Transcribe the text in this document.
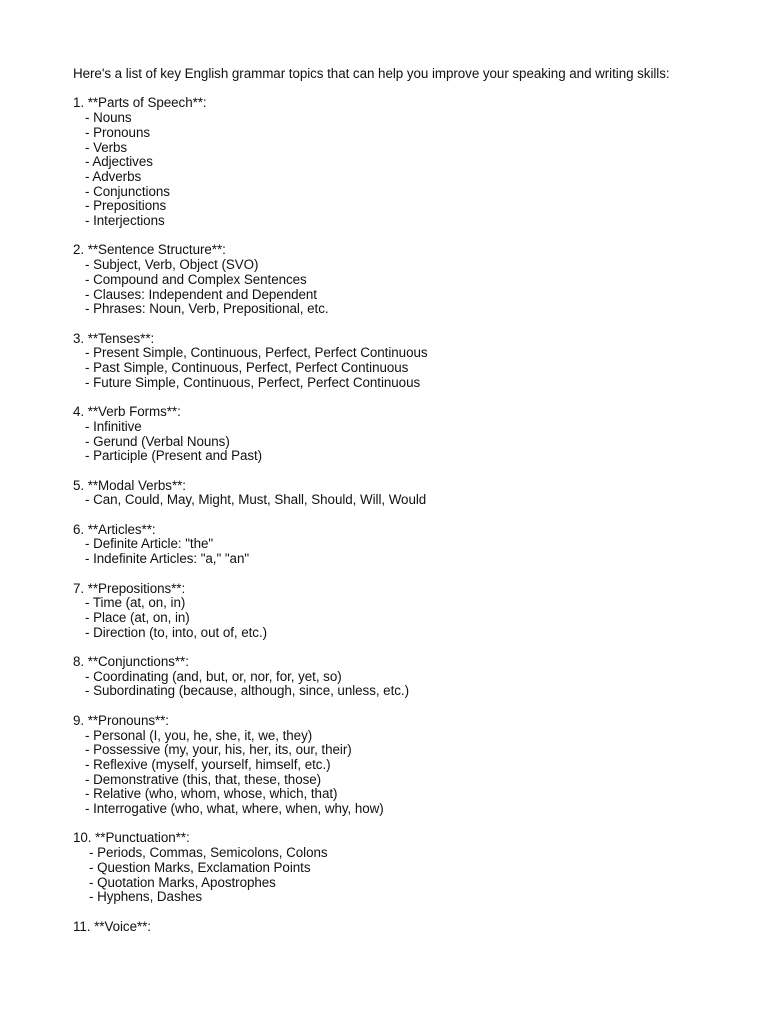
Here's a list of key English grammar topics that can help you improve your speaking and writing skills:

1. **Parts of Speech**:

- Nouns
- Pronouns
- Verbs
- Adjectives
- Adverbs
- Conjunctions
- Prepositions
- Interjections

2. **Sentence Structure**:

- Subject, Verb, Object (SVO)
- Compound and Complex Sentences
- Clauses: Independent and Dependent
- Phrases: Noun, Verb, Prepositional, etc.

3. **Tenses**:

- Present Simple, Continuous, Perfect, Perfect Continuous
- Past Simple, Continuous, Perfect, Perfect Continuous
- Future Simple, Continuous, Perfect, Perfect Continuous

4. **Verb Forms**:

- Infinitive
- Gerund (Verbal Nouns)
- Participle (Present and Past)

5. **Modal Verbs**:

- Can, Could, May, Might, Must, Shall, Should, Will, Would

6. **Articles**:

- Definite Article: "the"
- Indefinite Articles: "a," "an"

7. **Prepositions**:

- Time (at, on, in)
- Place (at, on, in)
- Direction (to, into, out of, etc.)

8. **Conjunctions**:

- Coordinating (and, but, or, nor, for, yet, so)
- Subordinating (because, although, since, unless, etc.)

9. **Pronouns**:

- Personal (I, you, he, she, it, we, they)
- Possessive (my, your, his, her, its, our, their)
- Reflexive (myself, yourself, himself, etc.)
- Demonstrative (this, that, these, those)
- Relative (who, whom, whose, which, that)
- Interrogative (who, what, where, when, why, how)

10. **Punctuation**:

- Periods, Commas, Semicolons, Colons
- Question Marks, Exclamation Points
- Quotation Marks, Apostrophes
- Hyphens, Dashes

11. **Voice**:
